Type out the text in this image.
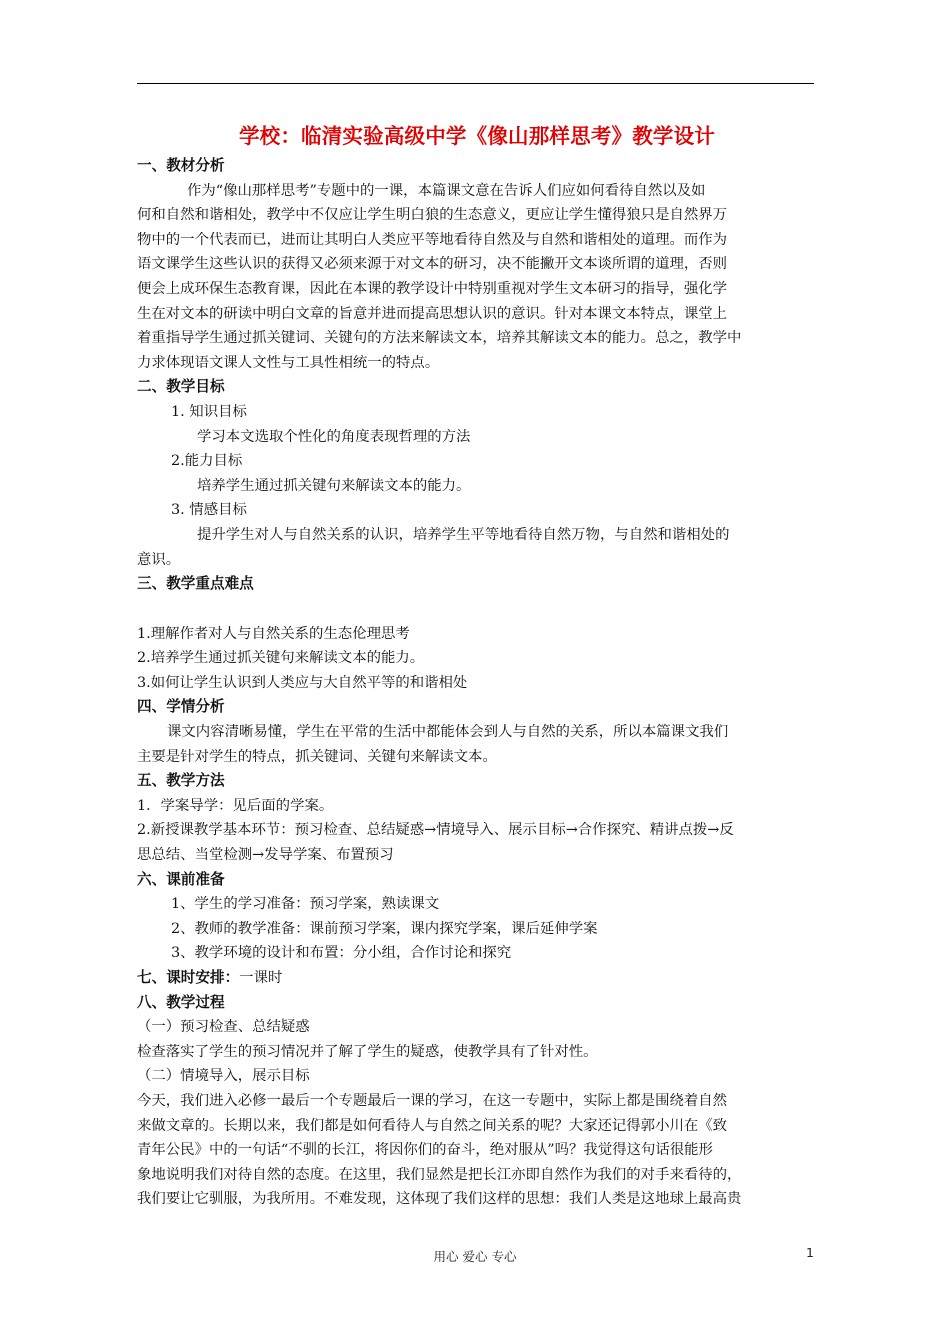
学校：临清实验高级中学《像山那样思考》教学设计
一、教材分析
作为“像山那样思考”专题中的一课，本篇课文意在告诉人们应如何看待自然以及如
何和自然和谐相处，教学中不仅应让学生明白狼的生态意义，更应让学生懂得狼只是自然界万
物中的一个代表而已，进而让其明白人类应平等地看待自然及与自然和谐相处的道理。而作为
语文课学生这些认识的获得又必须来源于对文本的研习，决不能撇开文本谈所谓的道理，否则
便会上成环保生态教育课，因此在本课的教学设计中特别重视对学生文本研习的指导，强化学
生在对文本的研读中明白文章的旨意并进而提高思想认识的意识。针对本课文本特点，课堂上
着重指导学生通过抓关键词、关键句的方法来解读文本，培养其解读文本的能力。总之，教学中
力求体现语文课人文性与工具性相统一的特点。
二、教学目标
1. 知识目标
学习本文选取个性化的角度表现哲理的方法
2.能力目标
培养学生通过抓关键句来解读文本的能力。
3. 情感目标
提升学生对人与自然关系的认识，培养学生平等地看待自然万物，与自然和谐相处的
意识。
三、教学重点难点
1.理解作者对人与自然关系的生态伦理思考
2.培养学生通过抓关键句来解读文本的能力。
3.如何让学生认识到人类应与大自然平等的和谐相处
四、学情分析
课文内容清晰易懂，学生在平常的生活中都能体会到人与自然的关系，所以本篇课文我们
主要是针对学生的特点，抓关键词、关键句来解读文本。
五、教学方法
1．学案导学：见后面的学案。
2.新授课教学基本环节：预习检查、总结疑惑→情境导入、展示目标→合作探究、精讲点拨→反
思总结、当堂检测→发导学案、布置预习
六、课前准备
1、学生的学习准备：预习学案，熟读课文
2、教师的教学准备：课前预习学案，课内探究学案，课后延伸学案
3、教学环境的设计和布置：分小组，合作讨论和探究
七、课时安排：一课时
八、教学过程
（一）预习检查、总结疑惑
检查落实了学生的预习情况并了解了学生的疑惑，使教学具有了针对性。
（二）情境导入，展示目标
今天，我们进入必修一最后一个专题最后一课的学习，在这一专题中，实际上都是围绕着自然
来做文章的。长期以来，我们都是如何看待人与自然之间关系的呢？大家还记得郭小川在《致
青年公民》中的一句话“不驯的长江，将因你们的奋斗，绝对服从”吗？我觉得这句话很能形
象地说明我们对待自然的态度。在这里，我们显然是把长江亦即自然作为我们的对手来看待的，
我们要让它驯服，为我所用。不难发现，这体现了我们这样的思想：我们人类是这地球上最高贵
用心 爱心 专心	1
